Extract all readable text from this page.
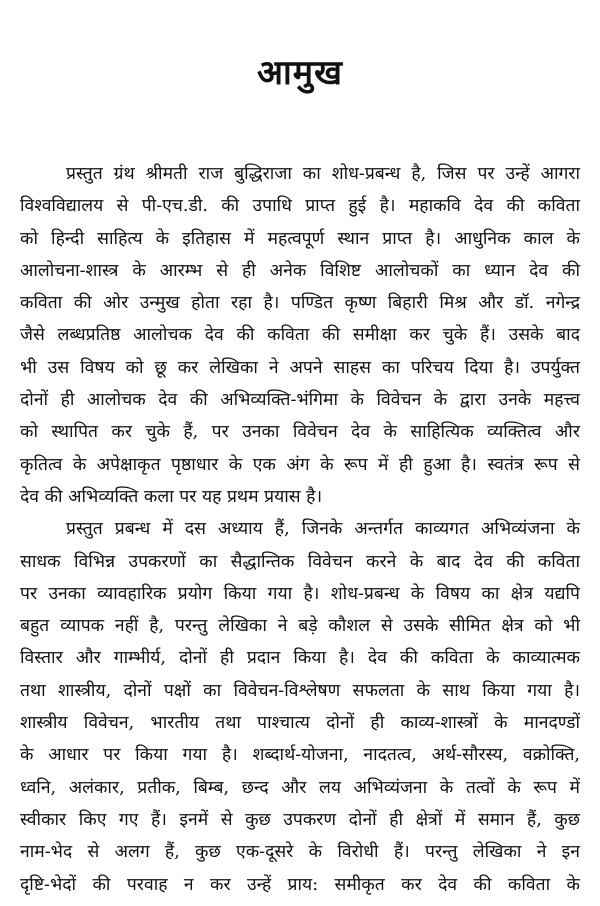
आमुख
प्रस्तुत ग्रंथ श्रीमती राज बुद्धिराजा का शोध-प्रबन्ध है, जिस पर उन्हें आगरा
विश्वविद्यालय से पी-एच.डी. की उपाधि प्राप्त हुई है। महाकवि देव की कविता
को हिन्दी साहित्य के इतिहास में महत्वपूर्ण स्थान प्राप्त है। आधुनिक काल के
आलोचना-शास्त्र के आरम्भ से ही अनेक विशिष्ट आलोचकों का ध्यान देव की
कविता की ओर उन्मुख होता रहा है। पण्डित कृष्ण बिहारी मिश्र और डॉ. नगेन्द्र
जैसे लब्धप्रतिष्ठ आलोचक देव की कविता की समीक्षा कर चुके हैं। उसके बाद
भी उस विषय को छू कर लेखिका ने अपने साहस का परिचय दिया है। उपर्युक्त
दोनों ही आलोचक देव की अभिव्यक्ति-भंगिमा के विवेचन के द्वारा उनके महत्त्व
को स्थापित कर चुके हैं, पर उनका विवेचन देव के साहित्यिक व्यक्तित्व और
कृतित्व के अपेक्षाकृत पृष्ठाधार के एक अंग के रूप में ही हुआ है। स्वतंत्र रूप से
देव की अभिव्यक्ति कला पर यह प्रथम प्रयास है।
प्रस्तुत प्रबन्ध में दस अध्याय हैं, जिनके अन्तर्गत काव्यगत अभिव्यंजना के
साधक विभिन्न उपकरणों का सैद्धान्तिक विवेचन करने के बाद देव की कविता
पर उनका व्यावहारिक प्रयोग किया गया है। शोध-प्रबन्ध के विषय का क्षेत्र यद्यपि
बहुत व्यापक नहीं है, परन्तु लेखिका ने बड़े कौशल से उसके सीमित क्षेत्र को भी
विस्तार और गाम्भीर्य, दोनों ही प्रदान किया है। देव की कविता के काव्यात्मक
तथा शास्त्रीय, दोनों पक्षों का विवेचन-विश्लेषण सफलता के साथ किया गया है।
शास्त्रीय विवेचन, भारतीय तथा पाश्चात्य दोनों ही काव्य-शास्त्रों के मानदण्डों
के आधार पर किया गया है। शब्दार्थ-योजना, नादतत्व, अर्थ-सौरस्य, वक्रोक्ति,
ध्वनि, अलंकार, प्रतीक, बिम्ब, छन्द और लय अभिव्यंजना के तत्वों के रूप में
स्वीकार किए गए हैं। इनमें से कुछ उपकरण दोनों ही क्षेत्रों में समान हैं, कुछ
नाम-भेद से अलग हैं, कुछ एक-दूसरे के विरोधी हैं। परन्तु लेखिका ने इन
दृष्टि-भेदों की परवाह न कर उन्हें प्राय: समीकृत कर देव की कविता के
